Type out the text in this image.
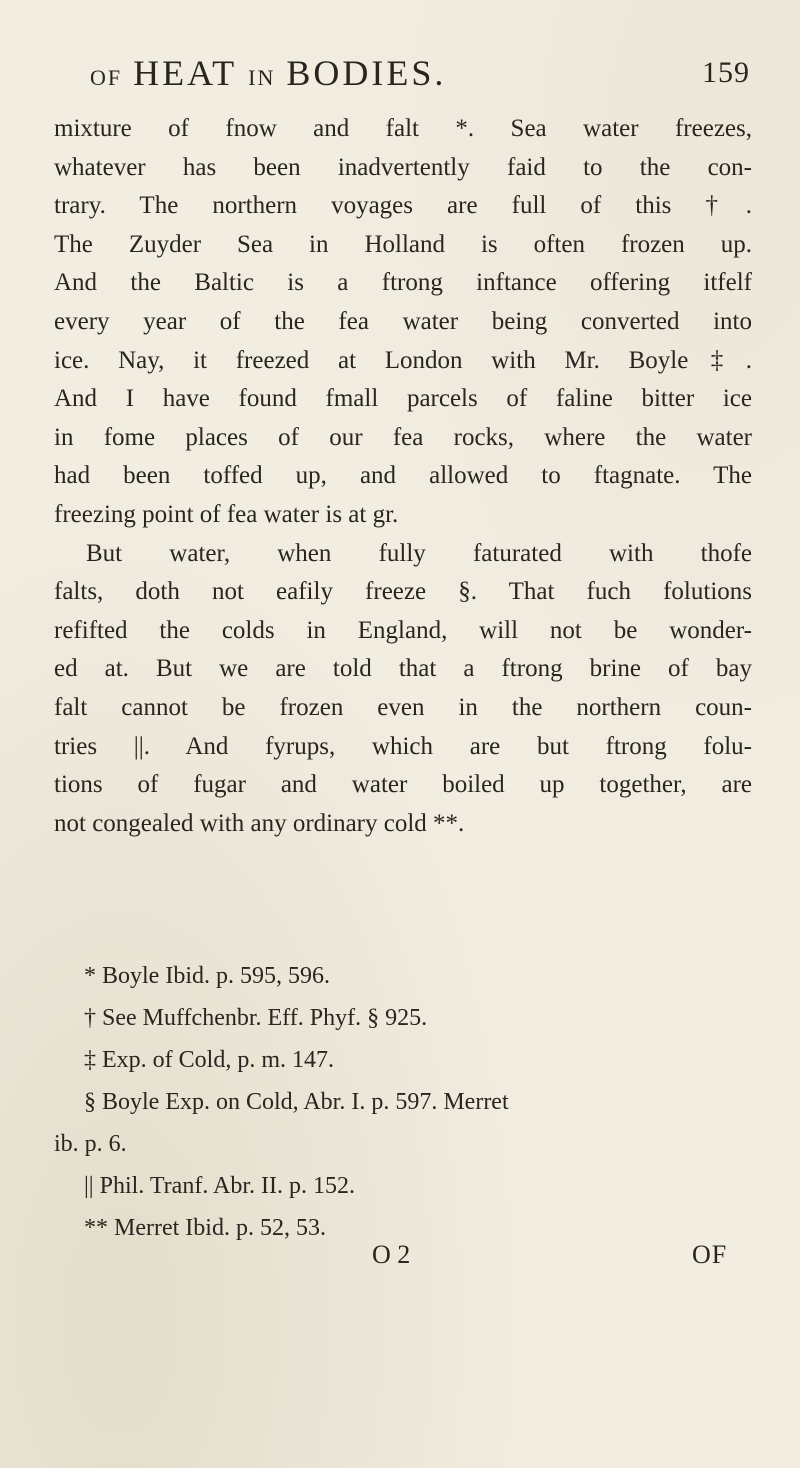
OF HEAT IN BODIES.	159
mixture of fnow and falt *. Sea water freezes,
whatever has been inadvertently faid to the con-
trary. The northern voyages are full of this †.
The Zuyder Sea in Holland is often frozen up.
And the Baltic is a ftrong inftance offering itfelf
every year of the fea water being converted into
ice. Nay, it freezed at London with Mr. Boyle‡.
And I have found fmall parcels of faline bitter ice
in fome places of our fea rocks, where the water
had been toffed up, and allowed to ftagnate. The
freezing point of fea water is at gr.
But water, when fully faturated with thofe
falts, doth not eafily freeze §. That fuch folutions
refifted the colds in England, will not be wonder-
ed at. But we are told that a ftrong brine of bay
falt cannot be frozen even in the northern coun-
tries ||. And fyrups, which are but ftrong folu-
tions of fugar and water boiled up together, are
not congealed with any ordinary cold **.
* Boyle Ibid. p. 595, 596.
† See Muffchenbr. Eff. Phyf. § 925.
‡ Exp. of Cold, p. m. 147.
§ Boyle Exp. on Cold, Abr. I. p. 597. Merret
ib. p. 6.
|| Phil. Tranf. Abr. II. p. 152.
** Merret Ibid. p. 52, 53.
O 2	OF
